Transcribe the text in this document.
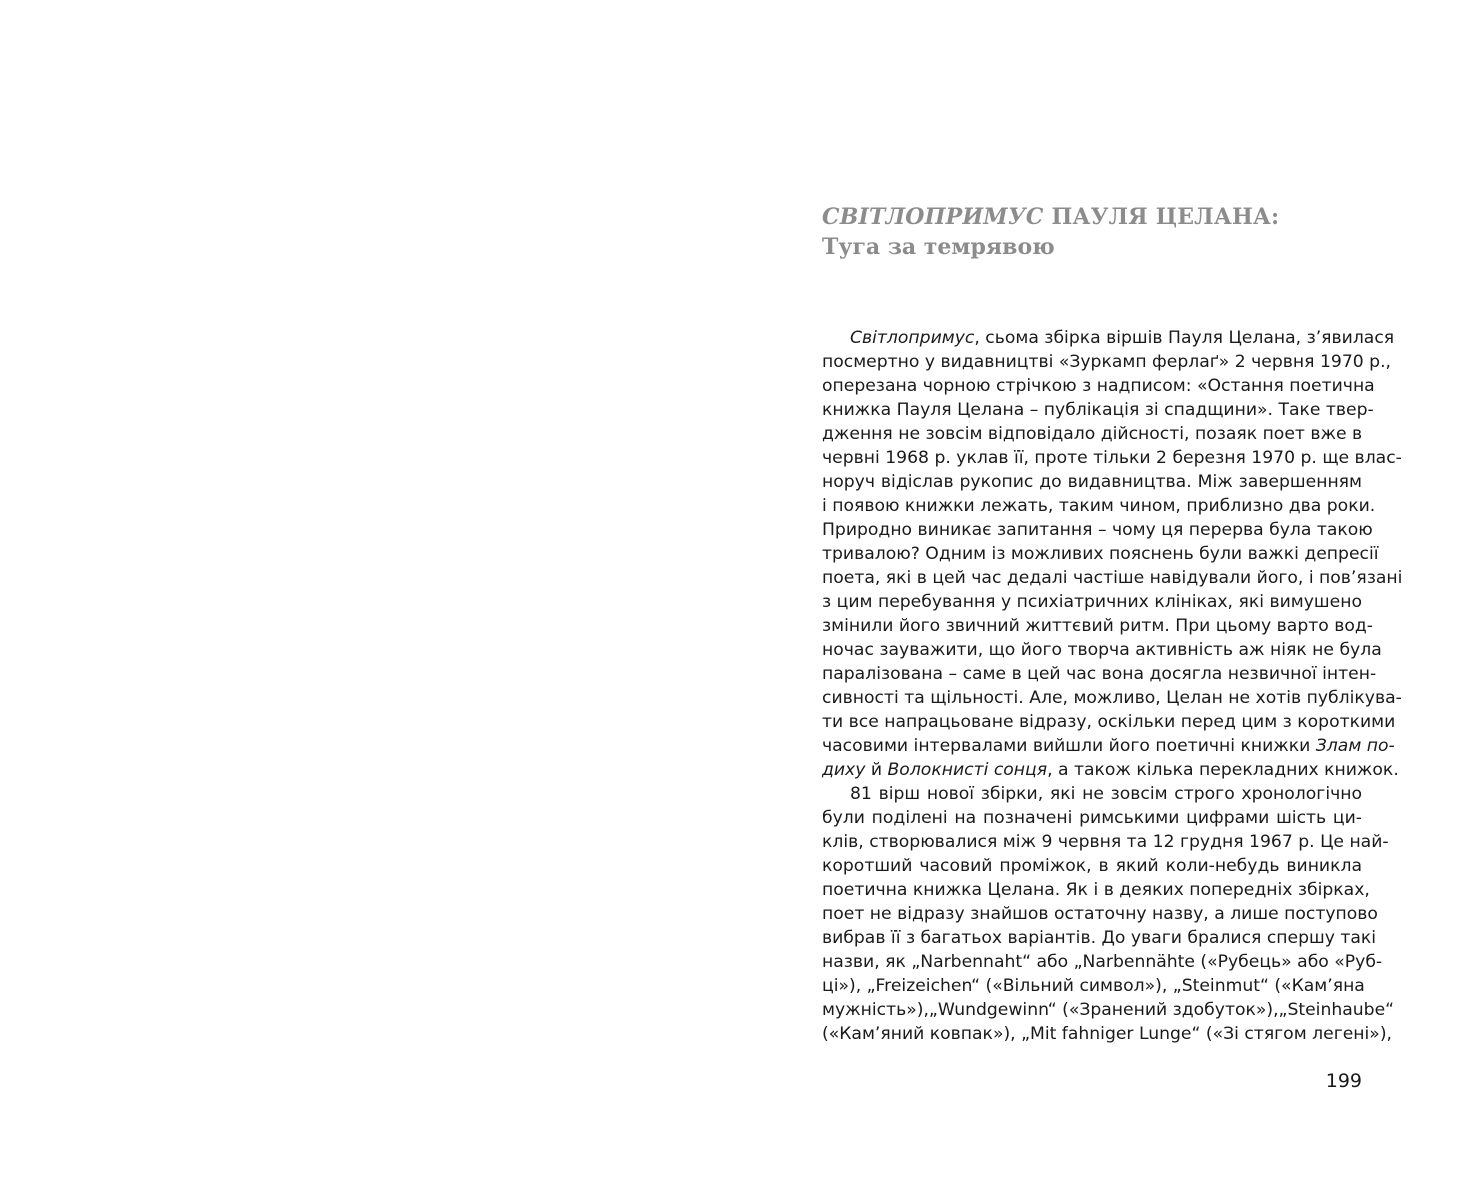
СВІТЛОПРИМУС ПАУЛЯ ЦЕЛАНА:
Туга за темрявою
Світлопримус, сьома збірка віршів Пауля Целана, з’явилася
посмертно у видавництві «Зуркамп ферлаґ» 2 червня 1970 р.,
оперезана чорною стрічкою з надписом: «Остання поетична
книжка Пауля Целана – публікація зі спадщини». Таке твер-
дження не зовсім відповідало дійсності, позаяк поет вже в
червні 1968 р. уклав її, проте тільки 2 березня 1970 р. ще влас-
норуч відіслав рукопис до видавництва. Між завершенням
і появою книжки лежать, таким чином, приблизно два роки.
Природно виникає запитання – чому ця перерва була такою
тривалою? Одним із можливих пояснень були важкі депресії
поета, які в цей час дедалі частіше навідували його, і пов’язані
з цим перебування у психіатричних клініках, які вимушено
змінили його звичний життєвий ритм. При цьому варто вод-
ночас зауважити, що його творча активність аж ніяк не була
паралізована – саме в цей час вона досягла незвичної інтен-
сивності та щільності. Але, можливо, Целан не хотів публікува-
ти все напрацьоване відразу, оскільки перед цим з короткими
часовими інтервалами вийшли його поетичні книжки Злам по-
диху й Волокнисті сонця, а також кілька перекладних книжок.
81 вірш нової збірки, які не зовсім строго хронологічно
були поділені на позначені римськими цифрами шість ци-
клів, створювалися між 9 червня та 12 грудня 1967 р. Це най-
коротший часовий проміжок, в який коли-небудь виникла
поетична книжка Целана. Як і в деяких попередніх збірках,
поет не відразу знайшов остаточну назву, а лише поступово
вибрав її з багатьох варіантів. До уваги бралися спершу такі
назви, як „Narbennaht“ або „Narbennähte («Рубець» або «Руб-
ці»), „Freizeichen“ («Вільний символ»), „Steinmut“ («Кам’яна
мужність»),„Wundgewinn“ («Зранений здобуток»),„Steinhaube“
(«Кам’яний ковпак»), „Mit fahniger Lunge“ («Зі стягом легені»),
199
